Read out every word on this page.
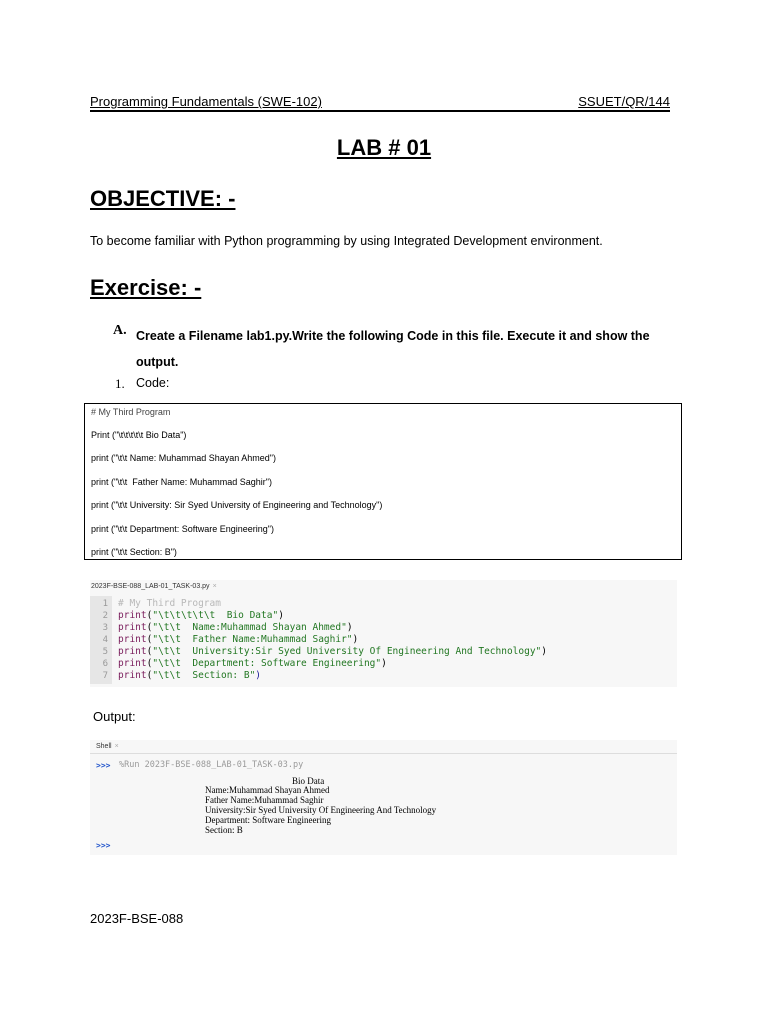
Programming Fundamentals (SWE-102)	SSUET/QR/144
LAB # 01
OBJECTIVE: -
To become familiar with Python programming by using Integrated Development environment.
Exercise: -
A. Create a Filename lab1.py.Write the following Code in this file. Execute it and show the output.
1. Code:
# My Third Program
Print ("\t\t\t\t\t Bio Data")
print ("\t\t Name: Muhammad Shayan Ahmed")
print ("\t\t  Father Name: Muhammad Saghir")
print ("\t\t University: Sir Syed University of Engineering and Technology")
print ("\t\t Department: Software Engineering")
print ("\t\t Section: B")
2023F-BSE-088_LAB-01_TASK-03.py ×
1
2
3
4
5
6
7
# My Third Program
print("\t\t\t\t\t  Bio Data")
print("\t\t  Name:Muhammad Shayan Ahmed")
print("\t\t  Father Name:Muhammad Saghir")
print("\t\t  University:Sir Syed University Of Engineering And Technology")
print("\t\t  Department: Software Engineering")
print("\t\t  Section: B")
Output:
Shell ×
>>> %Run 2023F-BSE-088_LAB-01_TASK-03.py
Bio Data
Name:Muhammad Shayan Ahmed
Father Name:Muhammad Saghir
University:Sir Syed University Of Engineering And Technology
Department: Software Engineering
Section: B
>>>
2023F-BSE-088
